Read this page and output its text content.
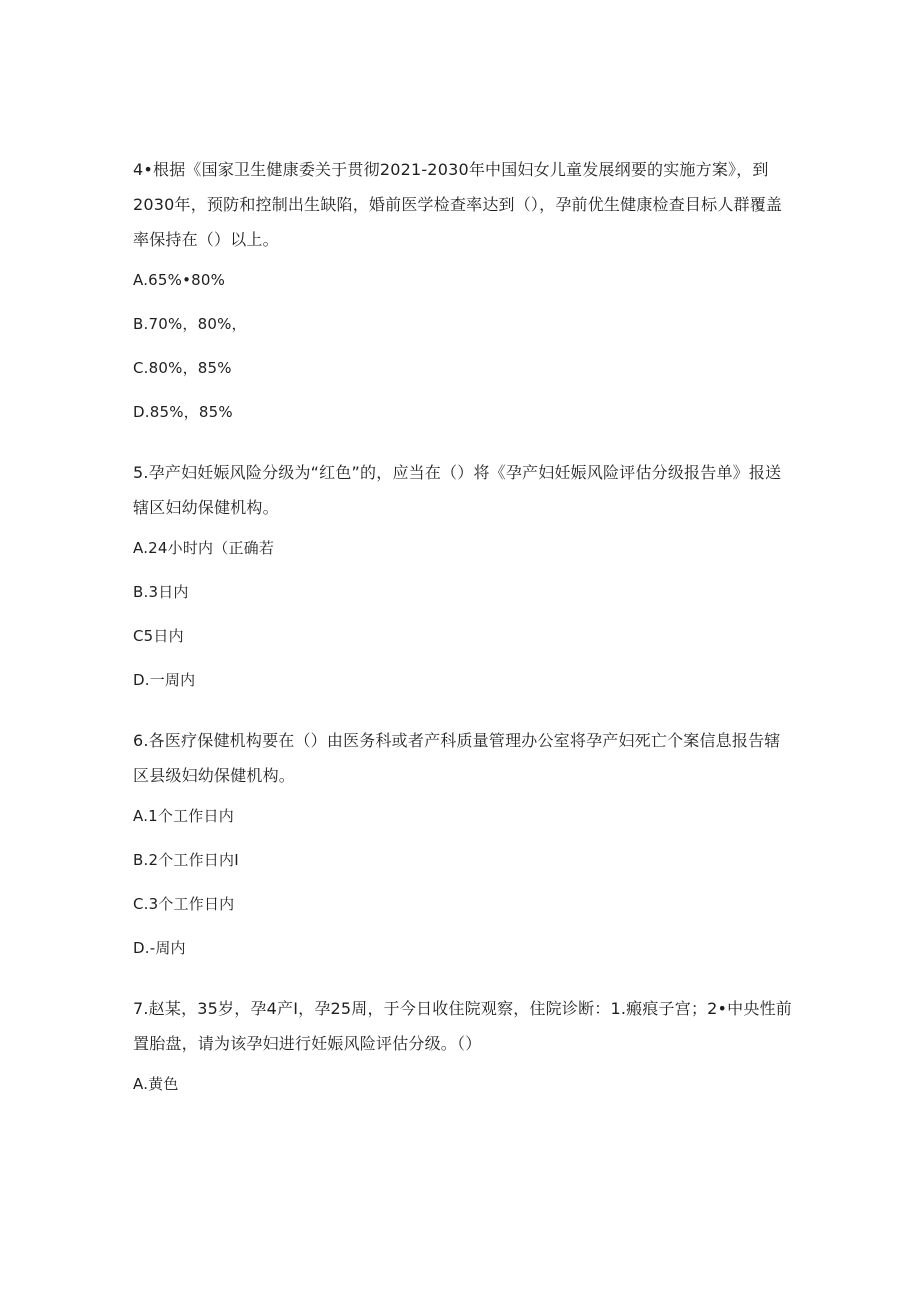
4•根据《国家卫生健康委关于贯彻2021-2030年中国妇女儿童发展纲要的实施方案》，到2030年，预防和控制出生缺陷，婚前医学检查率达到（），孕前优生健康检查目标人群覆盖率保持在（）以上。

A.65%•80%

B.70%，80%，

C.80%，85%

D.85%，85%

5.孕产妇妊娠风险分级为“红色”的，应当在（）将《孕产妇妊娠风险评估分级报告单》报送辖区妇幼保健机构。

A.24小时内（正确若

B.3日内

C5日内

D.一周内

6.各医疗保健机构要在（）由医务科或者产科质量管理办公室将孕产妇死亡个案信息报告辖区县级妇幼保健机构。

A.1个工作日内

B.2个工作日内I

C.3个工作日内

D.-周内

7.赵某，35岁，孕4产I，孕25周，于今日收住院观察，住院诊断：1.瘢痕子宫；2•中央性前置胎盘，请为该孕妇进行妊娠风险评估分级。（）

A.黄色
